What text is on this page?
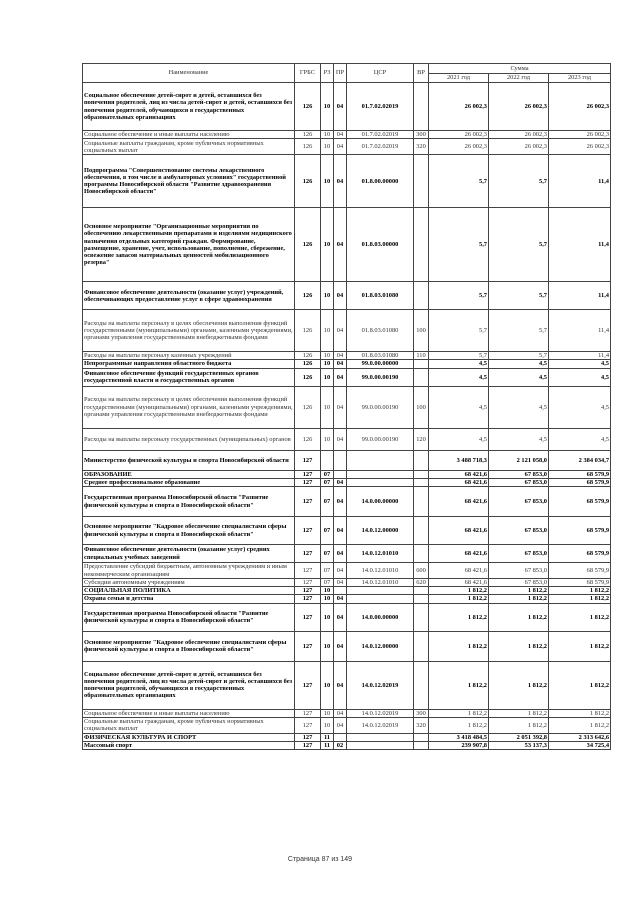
Наименование	ГРБС	РЗ	ПР	ЦСР	ВР	Сумма		
						2021 год	2022 год	2023 год
Социальное обеспечение детей-сирот и детей, оставшихся без попечения родителей, лиц из числа детей-сирот и детей, оставшихся без попечения родителей, обучающихся в государственных образовательных организациях	126	10	04	01.7.02.02019		26 002,3	26 002,3	26 002,3
Социальное обеспечение и иные выплаты населению	126	10	04	01.7.02.02019	300	26 002,3	26 002,3	26 002,3
Социальные выплаты гражданам, кроме публичных нормативных социальных выплат	126	10	04	01.7.02.02019	320	26 002,3	26 002,3	26 002,3
Подпрограмма "Совершенствование системы лекарственного обеспечения, в том числе в амбулаторных условиях" государственной программы Новосибирской области "Развитие здравоохранения Новосибирской области"	126	10	04	01.8.00.00000		5,7	5,7	11,4
Основное мероприятие "Организационные мероприятия по обеспечению лекарственными препаратами и изделиями медицинского назначения отдельных категорий граждан. Формирование, размещение, хранение, учет, использование, пополнение, сбережение, освежение запасов материальных ценностей мобилизационного резерва"	126	10	04	01.8.03.00000		5,7	5,7	11,4
Финансовое обеспечение деятельности (оказание услуг) учреждений, обеспечивающих предоставление услуг в сфере здравоохранения	126	10	04	01.8.03.01080		5,7	5,7	11,4
Расходы на выплаты персоналу в целях обеспечения выполнения функций государственными (муниципальными) органами, казенными учреждениями, органами управления государственными внебюджетными фондами	126	10	04	01.8.03.01080	100	5,7	5,7	11,4
Расходы на выплаты персоналу казенных учреждений	126	10	04	01.8.03.01080	110	5,7	5,7	11,4
Непрограммные направления областного бюджета	126	10	04	99.0.00.00000		4,5	4,5	4,5
Финансовое обеспечение функций государственных органов государственной власти и государственных органов	126	10	04	99.0.00.00190		4,5	4,5	4,5
Расходы на выплаты персоналу в целях обеспечения выполнения функций государственными (муниципальными) органами, казенными учреждениями, органами управления государственными внебюджетными фондами	126	10	04	99.0.00.00190	100	4,5	4,5	4,5
Расходы на выплаты персоналу государственных (муниципальных) органов	126	10	04	99.0.00.00190	120	4,5	4,5	4,5
Министерство физической культуры и спорта Новосибирской области	127					3 488 718,3	2 121 058,0	2 384 034,7
ОБРАЗОВАНИЕ	127	07				68 421,6	67 853,0	68 579,9
Среднее профессиональное образование	127	07	04			68 421,6	67 853,0	68 579,9
Государственная программа Новосибирской области "Развитие физической культуры и спорта в Новосибирской области"	127	07	04	14.0.00.00000		68 421,6	67 853,0	68 579,9
Основное мероприятие "Кадровое обеспечение специалистами сферы физической культуры и спорта в Новосибирской области"	127	07	04	14.0.12.00000		68 421,6	67 853,0	68 579,9
Финансовое обеспечение деятельности (оказание услуг) средних специальных учебных заведений	127	07	04	14.0.12.01010		68 421,6	67 853,0	68 579,9
Предоставление субсидий бюджетным, автономным учреждениям и иным некоммерческим организациям	127	07	04	14.0.12.01010	600	68 421,6	67 853,0	68 579,9
Субсидии автономным учреждениям	127	07	04	14.0.12.01010	620	68 421,6	67 853,0	68 579,9
СОЦИАЛЬНАЯ ПОЛИТИКА	127	10				1 812,2	1 812,2	1 812,2
Охрана семьи и детства	127	10	04			1 812,2	1 812,2	1 812,2
Государственная программа Новосибирской области "Развитие физической культуры и спорта в Новосибирской области"	127	10	04	14.0.00.00000		1 812,2	1 812,2	1 812,2
Основное мероприятие "Кадровое обеспечение специалистами сферы физической культуры и спорта в Новосибирской области"	127	10	04	14.0.12.00000		1 812,2	1 812,2	1 812,2
Социальное обеспечение детей-сирот и детей, оставшихся без попечения родителей, лиц из числа детей-сирот и детей, оставшихся без попечения родителей, обучающихся в государственных образовательных организациях	127	10	04	14.0.12.02019		1 812,2	1 812,2	1 812,2
Социальное обеспечение и иные выплаты населению	127	10	04	14.0.12.02019	300	1 812,2	1 812,2	1 812,2
Социальные выплаты гражданам, кроме публичных нормативных социальных выплат	127	10	04	14.0.12.02019	320	1 812,2	1 812,2	1 812,2
ФИЗИЧЕСКАЯ КУЛЬТУРА И СПОРТ	127	11				3 418 484,5	2 051 392,8	2 313 642,6
Массовый спорт	127	11	02			239 907,8	53 137,3	34 725,4
Страница 87 из 149
